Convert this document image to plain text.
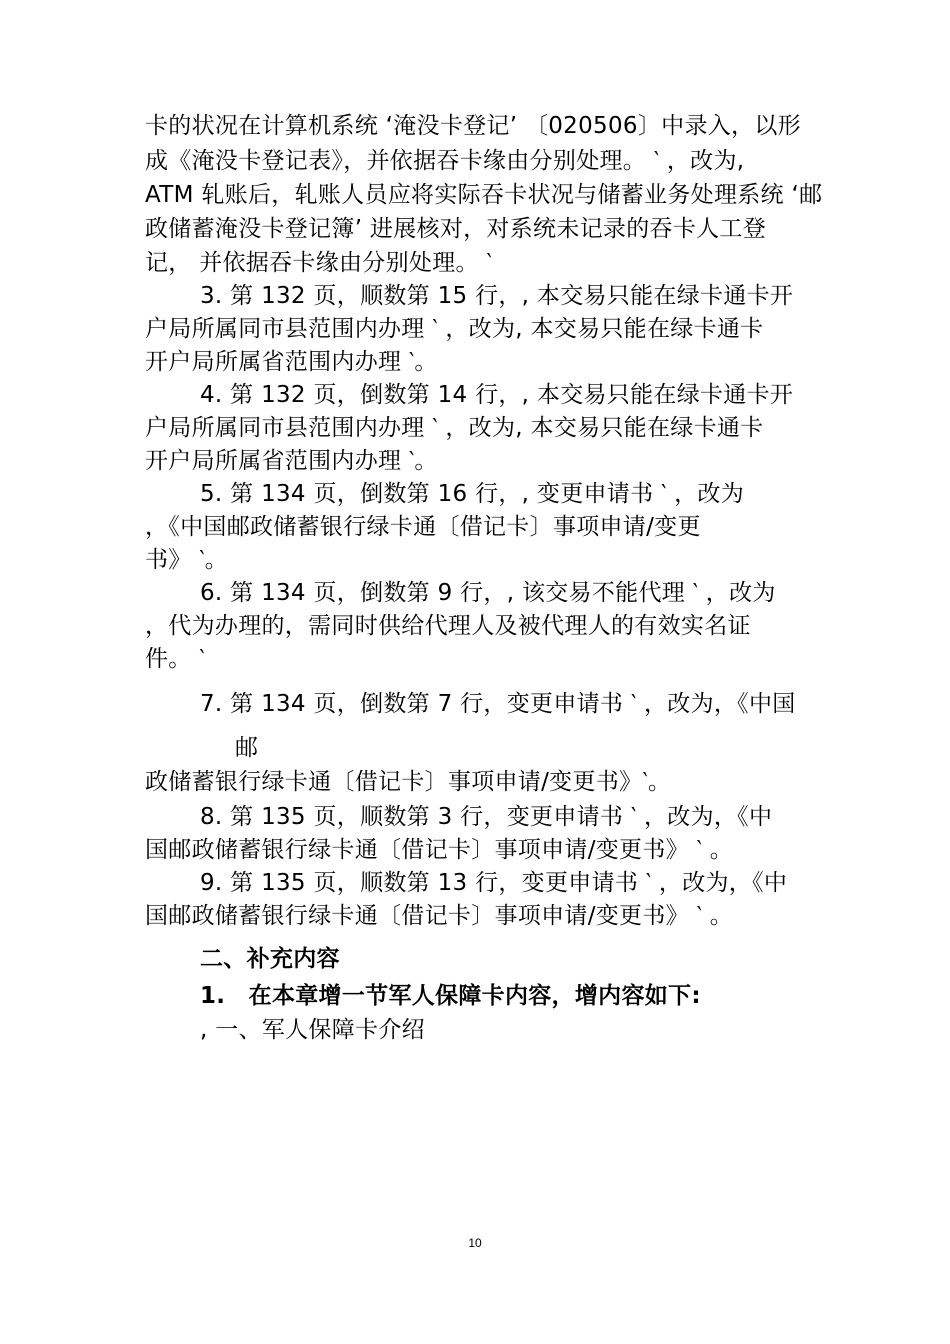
卡的状况在计算机系统 ‘淹没卡登记’ 〔020506〕中录入，以形
成《淹没卡登记表》，并依据吞卡缘由分别处理。 ‵ ，改为,
ATM 轧账后，轧账人员应将实际吞卡状况与储蓄业务处理系统 ‘邮
政储蓄淹没卡登记簿’ 进展核对，对系统未记录的吞卡人工登
记， 并依据吞卡缘由分别处理。 ‵
3. 第 132 页，顺数第 15 行，, 本交易只能在绿卡通卡开
户局所属同市县范围内办理 ‵ ，改为, 本交易只能在绿卡通卡
开户局所属省范围内办理 ‵。
4. 第 132 页，倒数第 14 行，, 本交易只能在绿卡通卡开
户局所属同市县范围内办理 ‵ ，改为, 本交易只能在绿卡通卡
开户局所属省范围内办理 ‵。
5. 第 134 页，倒数第 16 行，, 变更申请书 ‵ ，改为
，《中国邮政储蓄银行绿卡通〔借记卡〕事项申请/变更
书》 ‵。
6. 第 134 页，倒数第 9 行，, 该交易不能代理 ‵ ，改为
，代为办理的，需同时供给代理人及被代理人的有效实名证
件。 ‵
7. 第 134 页，倒数第 7 行，变更申请书 ‵ ，改为，《中国
邮
政储蓄银行绿卡通〔借记卡〕事项申请/变更书》‵。
8. 第 135 页，顺数第 3 行，变更申请书 ‵ ，改为，《中
国邮政储蓄银行绿卡通〔借记卡〕事项申请/变更书》 ‵ 。
9. 第 135 页，顺数第 13 行，变更申请书 ‵ ，改为，《中
国邮政储蓄银行绿卡通〔借记卡〕事项申请/变更书》 ‵ 。
二、补充内容
1.　在本章增一节军人保障卡内容，增内容如下:
, 一、军人保障卡介绍
10
